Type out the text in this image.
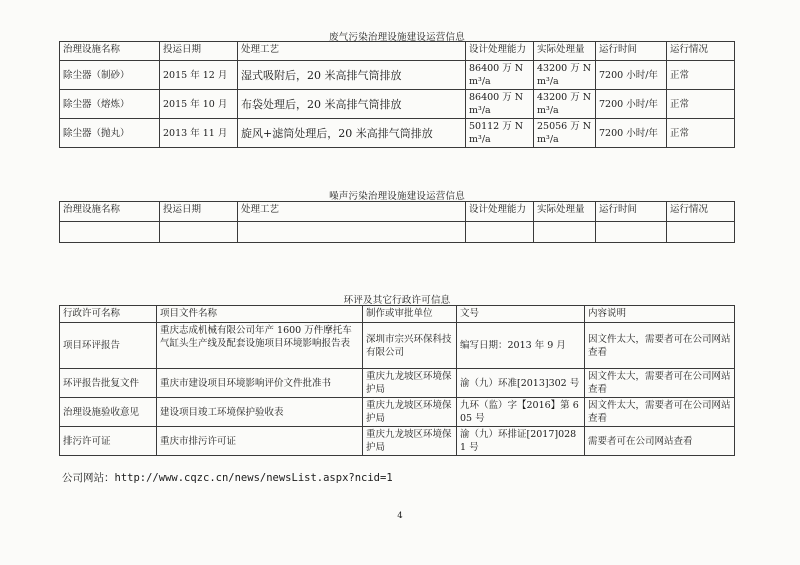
废气污染治理设施建设运营信息
治理设施名称	投运日期	处理工艺	设计处理能力	实际处理量	运行时间	运行情况
除尘器（制砂）	2015 年 12 月	湿式吸附后，20 米高排气筒排放	86400 万 Nm³/a	43200 万 Nm³/a	7200 小时/年	正常
除尘器（熔炼）	2015 年 10 月	布袋处理后，20 米高排气筒排放	86400 万 Nm³/a	43200 万 Nm³/a	7200 小时/年	正常
除尘器（抛丸）	2013 年 11 月	旋风+滤筒处理后，20 米高排气筒排放	50112 万 Nm³/a	25056 万 Nm³/a	7200 小时/年	正常
噪声污染治理设施建设运营信息
治理设施名称	投运日期	处理工艺	设计处理能力	实际处理量	运行时间	运行情况

环评及其它行政许可信息
行政许可名称	项目文件名称	制作或审批单位	文号	内容说明
项目环评报告	重庆志成机械有限公司年产 1600 万件摩托车气缸头生产线及配套设施项目环境影响报告表	深圳市宗兴环保科技有限公司	编写日期：2013 年 9 月	因文件太大，需要者可在公司网站查看
环评报告批复文件	重庆市建设项目环境影响评价文件批准书	重庆九龙坡区环境保护局	渝（九）环准[2013]302 号	因文件太大，需要者可在公司网站查看
治理设施验收意见	建设项目竣工环境保护验收表	重庆九龙坡区环境保护局	九环（监）字【2016】第 605 号	因文件太大，需要者可在公司网站查看
排污许可证	重庆市排污许可证	重庆九龙坡区环境保护局	渝（九）环排证[2017]0281 号	需要者可在公司网站查看
公司网站：http://www.cqzc.cn/news/newsList.aspx?ncid=1
4
